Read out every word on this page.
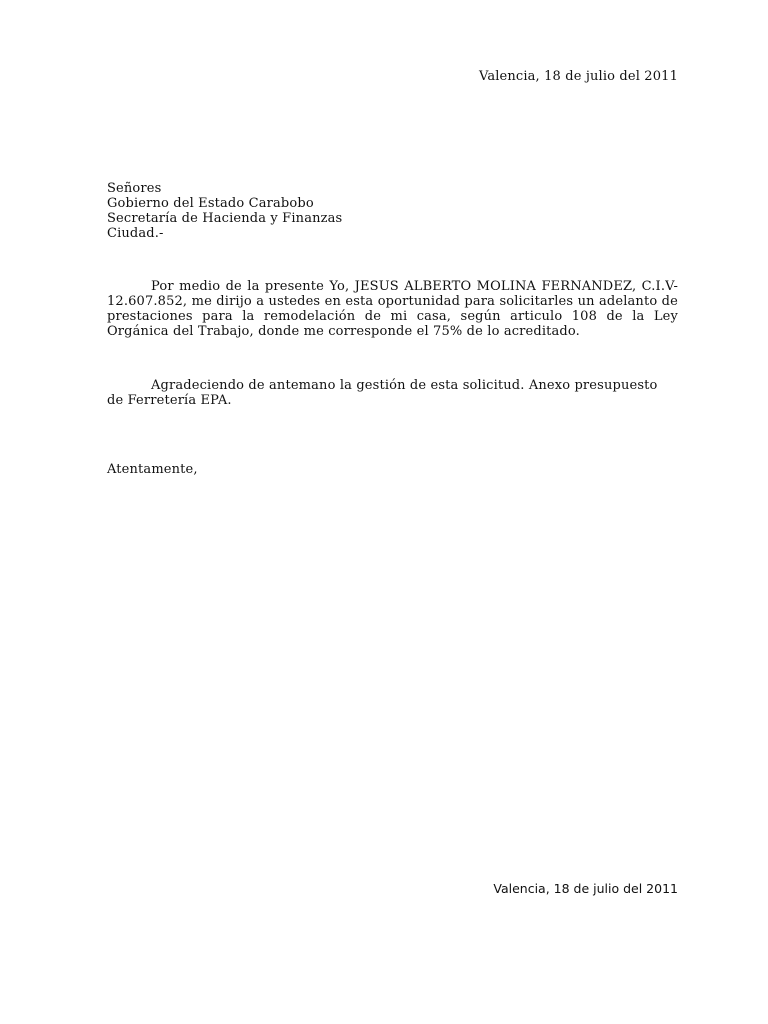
Valencia, 18 de julio del 2011
Señores
Gobierno del Estado Carabobo
Secretaría de Hacienda y Finanzas
Ciudad.-

Por medio de la presente Yo, JESUS ALBERTO MOLINA FERNANDEZ, C.I.V-12.607.852, me dirijo a ustedes en esta oportunidad para solicitarles un adelanto de prestaciones para la remodelación de mi casa, según articulo 108 de la Ley Orgánica del Trabajo, donde me corresponde el 75% de lo acreditado.

Agradeciendo de antemano la gestión de esta solicitud. Anexo presupuesto de Ferretería EPA.

Atentamente,
Valencia, 18 de julio del 2011
